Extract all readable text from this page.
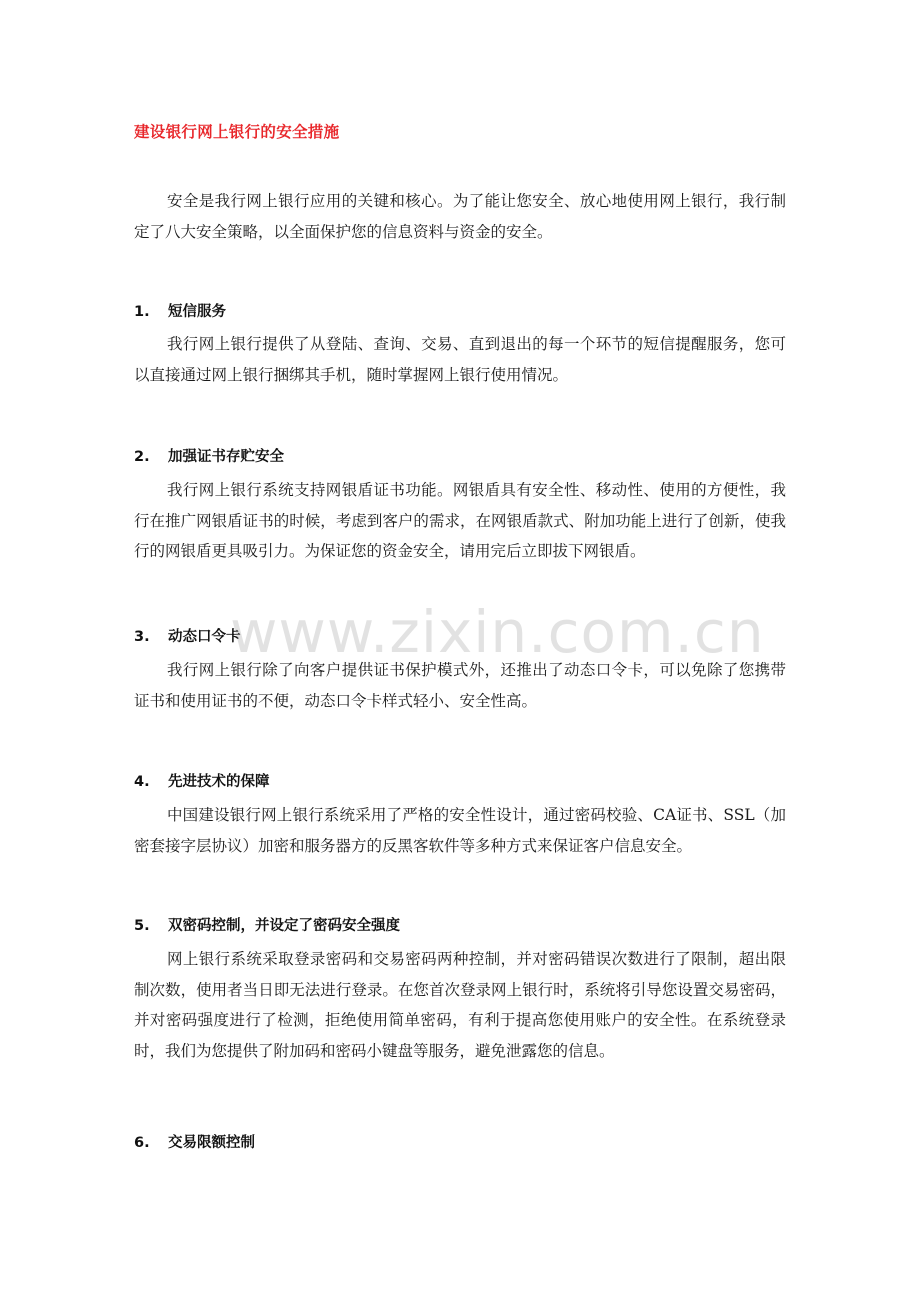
建设银行网上银行的安全措施

安全是我行网上银行应用的关键和核心。为了能让您安全、放心地使用网上银行，我行制定了八大安全策略，以全面保护您的信息资料与资金的安全。

1. 短信服务

我行网上银行提供了从登陆、查询、交易、直到退出的每一个环节的短信提醒服务，您可以直接通过网上银行捆绑其手机，随时掌握网上银行使用情况。

2. 加强证书存贮安全

我行网上银行系统支持网银盾证书功能。网银盾具有安全性、移动性、使用的方便性，我行在推广网银盾证书的时候，考虑到客户的需求，在网银盾款式、附加功能上进行了创新，使我行的网银盾更具吸引力。为保证您的资金安全，请用完后立即拔下网银盾。

3. 动态口令卡

我行网上银行除了向客户提供证书保护模式外，还推出了动态口令卡，可以免除了您携带证书和使用证书的不便，动态口令卡样式轻小、安全性高。

4. 先进技术的保障

中国建设银行网上银行系统采用了严格的安全性设计，通过密码校验、CA证书、SSL（加密套接字层协议）加密和服务器方的反黑客软件等多种方式来保证客户信息安全。

5. 双密码控制，并设定了密码安全强度

网上银行系统采取登录密码和交易密码两种控制，并对密码错误次数进行了限制，超出限制次数，使用者当日即无法进行登录。在您首次登录网上银行时，系统将引导您设置交易密码，并对密码强度进行了检测，拒绝使用简单密码，有利于提高您使用账户的安全性。在系统登录时，我们为您提供了附加码和密码小键盘等服务，避免泄露您的信息。

6. 交易限额控制
www.zixin.com.cn
